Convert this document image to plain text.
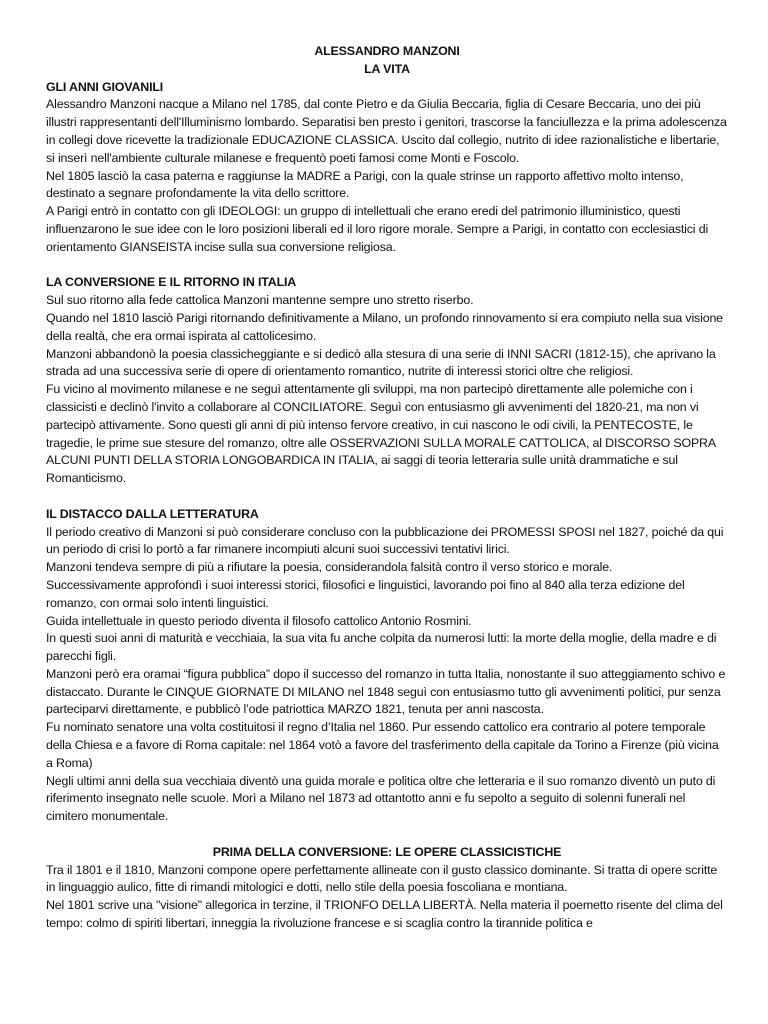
ALESSANDRO MANZONI
LA VITA
GLI ANNI GIOVANILI

Alessandro Manzoni nacque a Milano nel 1785, dal conte Pietro e da Giulia Beccaria, figlia di Cesare Beccaria, uno dei più illustri rappresentanti dell'Illuminismo lombardo. Separatisi ben presto i genitori, trascorse la fanciullezza e la prima adolescenza in collegi dove ricevette la tradizionale EDUCAZIONE CLASSICA. Uscito dal collegio, nutrito di idee razionalistiche e libertarie, si inserì nell'ambiente culturale milanese e frequentò poeti famosi come Monti e Foscolo.

Nel 1805 lasciò la casa paterna e raggiunse la MADRE a Parigi, con la quale strinse un rapporto affettivo molto intenso, destinato a segnare profondamente la vita dello scrittore.

A Parigi entrò in contatto con gli IDEOLOGI: un gruppo di intellettuali che erano eredi del patrimonio illuministico, questi influenzarono le sue idee con le loro posizioni liberali ed il loro rigore morale. Sempre a Parigi, in contatto con ecclesiastici di orientamento GIANSEISTA incise sulla sua conversione religiosa.

LA CONVERSIONE E IL RITORNO IN ITALIA

Sul suo ritorno alla fede cattolica Manzoni mantenne sempre uno stretto riserbo.

Quando nel 1810 lasciò Parigi ritornando definitivamente a Milano, un profondo rinnovamento si era compiuto nella sua visione della realtà, che era ormai ispirata al cattolicesimo.

Manzoni abbandonò la poesia classicheggiante e si dedicò alla stesura di una serie di INNI SACRI (1812-15), che aprivano la strada ad una successiva serie di opere di orientamento romantico, nutrite di interessi storici oltre che religiosi.

Fu vicino al movimento milanese e ne seguì attentamente gli sviluppi, ma non partecipò direttamente alle polemiche con i classicisti e declinò l'invito a collaborare al CONCILIATORE. Seguì con entusiasmo gli avvenimenti del 1820-21, ma non vi partecipò attivamente. Sono questi gli anni di più intenso fervore creativo, in cui nascono le odi civili, la PENTECOSTE, le tragedie, le prime sue stesure del romanzo, oltre alle OSSERVAZIONI SULLA MORALE CATTOLICA, al DISCORSO SOPRA ALCUNI PUNTI DELLA STORIA LONGOBARDICA IN ITALIA, ai saggi di teoria letteraria sulle unità drammatiche e sul Romanticismo.

IL DISTACCO DALLA LETTERATURA

Il periodo creativo di Manzoni si può considerare concluso con la pubblicazione dei PROMESSI SPOSI nel 1827, poiché da qui un periodo di crisi lo portò a far rimanere incompiuti alcuni suoi successivi tentativi lirici.

Manzoni tendeva sempre di più a rifiutare la poesia, considerandola falsità contro il verso storico e morale.

Successivamente approfondì i suoi interessi storici, filosofici e linguistici, lavorando poi fino al 840 alla terza edizione del romanzo, con ormai solo intenti linguistici.

Guida intellettuale in questo periodo diventa il filosofo cattolico Antonio Rosmini.

In questi suoi anni di maturità e vecchiaia, la sua vita fu anche colpita da numerosi lutti: la morte della moglie, della madre e di parecchi figli.

Manzoni però era oramai “figura pubblica” dopo il successo del romanzo in tutta Italia, nonostante il suo atteggiamento schivo e distaccato. Durante le CINQUE GIORNATE DI MILANO nel 1848 seguì con entusiasmo tutto gli avvenimenti politici, pur senza parteciparvi direttamente, e pubblicò l’ode patriottica MARZO 1821, tenuta per anni nascosta.

Fu nominato senatore una volta costituitosi il regno d’Italia nel 1860. Pur essendo cattolico era contrario al potere temporale della Chiesa e a favore di Roma capitale: nel 1864 votò a favore del trasferimento della capitale da Torino a Firenze (più vicina a Roma)

Negli ultimi anni della sua vecchiaia diventò una guida morale e politica oltre che letteraria e il suo romanzo diventò un puto di riferimento insegnato nelle scuole. Morì a Milano nel 1873 ad ottantotto anni e fu sepolto a seguito di solenni funerali nel cimitero monumentale.

PRIMA DELLA CONVERSIONE: LE OPERE CLASSICISTICHE

Tra il 1801 e il 1810, Manzoni compone opere perfettamente allineate con il gusto classico dominante. Si tratta di opere scritte in linguaggio aulico, fitte di rimandi mitologici e dotti, nello stile della poesia foscoliana e montiana.

Nel 1801 scrive una "visione" allegorica in terzine, il TRIONFO DELLA LIBERTÀ. Nella materia il poemetto risente del clima del tempo: colmo di spiriti libertari, inneggia la rivoluzione francese e si scaglia contro la tirannide politica e
